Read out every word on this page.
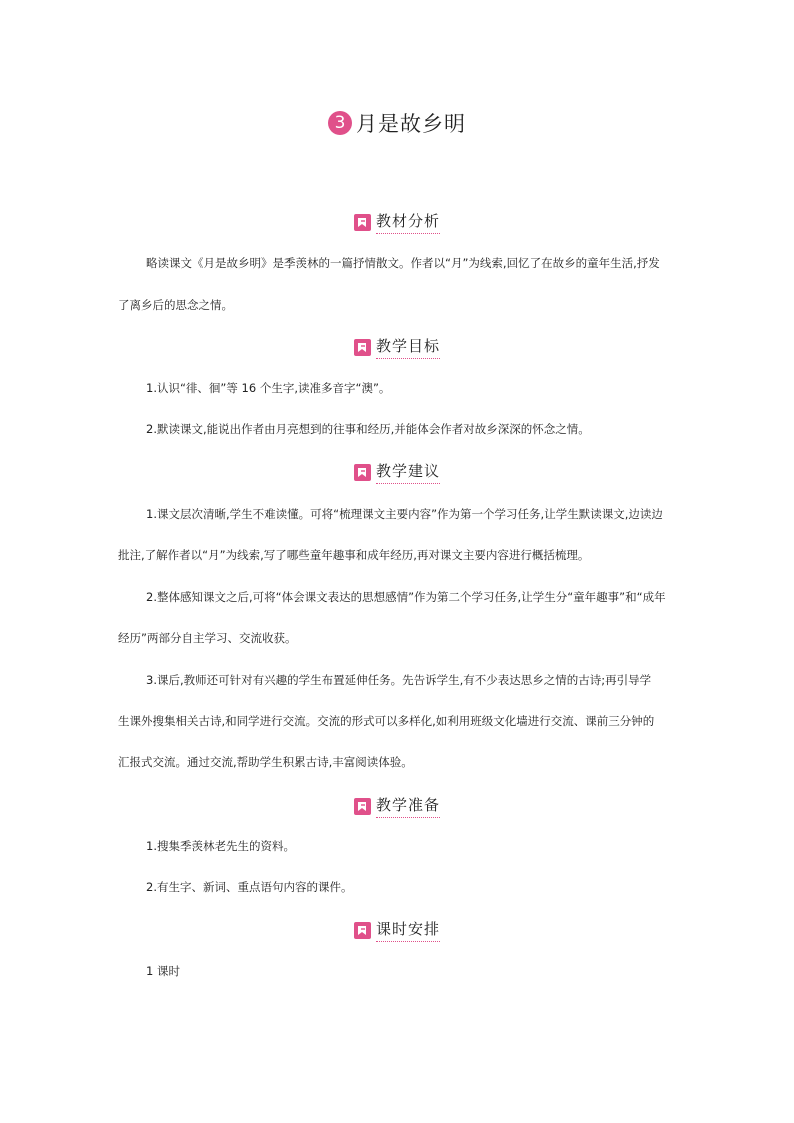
3 月是故乡明
教材分析
略读课文《月是故乡明》是季羡林的一篇抒情散文。作者以“月”为线索,回忆了在故乡的童年生活,抒发
了离乡后的思念之情。
教学目标
1.认识“徘、徊”等 16 个生字,读准多音字“澳”。
2.默读课文,能说出作者由月亮想到的往事和经历,并能体会作者对故乡深深的怀念之情。
教学建议
1.课文层次清晰,学生不难读懂。可将“梳理课文主要内容”作为第一个学习任务,让学生默读课文,边读边
批注,了解作者以“月”为线索,写了哪些童年趣事和成年经历,再对课文主要内容进行概括梳理。
2.整体感知课文之后,可将“体会课文表达的思想感情”作为第二个学习任务,让学生分“童年趣事”和“成年
经历”两部分自主学习、交流收获。
3.课后,教师还可针对有兴趣的学生布置延伸任务。先告诉学生,有不少表达思乡之情的古诗;再引导学
生课外搜集相关古诗,和同学进行交流。交流的形式可以多样化,如利用班级文化墙进行交流、课前三分钟的
汇报式交流。通过交流,帮助学生积累古诗,丰富阅读体验。
教学准备
1.搜集季羡林老先生的资料。
2.有生字、新词、重点语句内容的课件。
课时安排
1 课时
